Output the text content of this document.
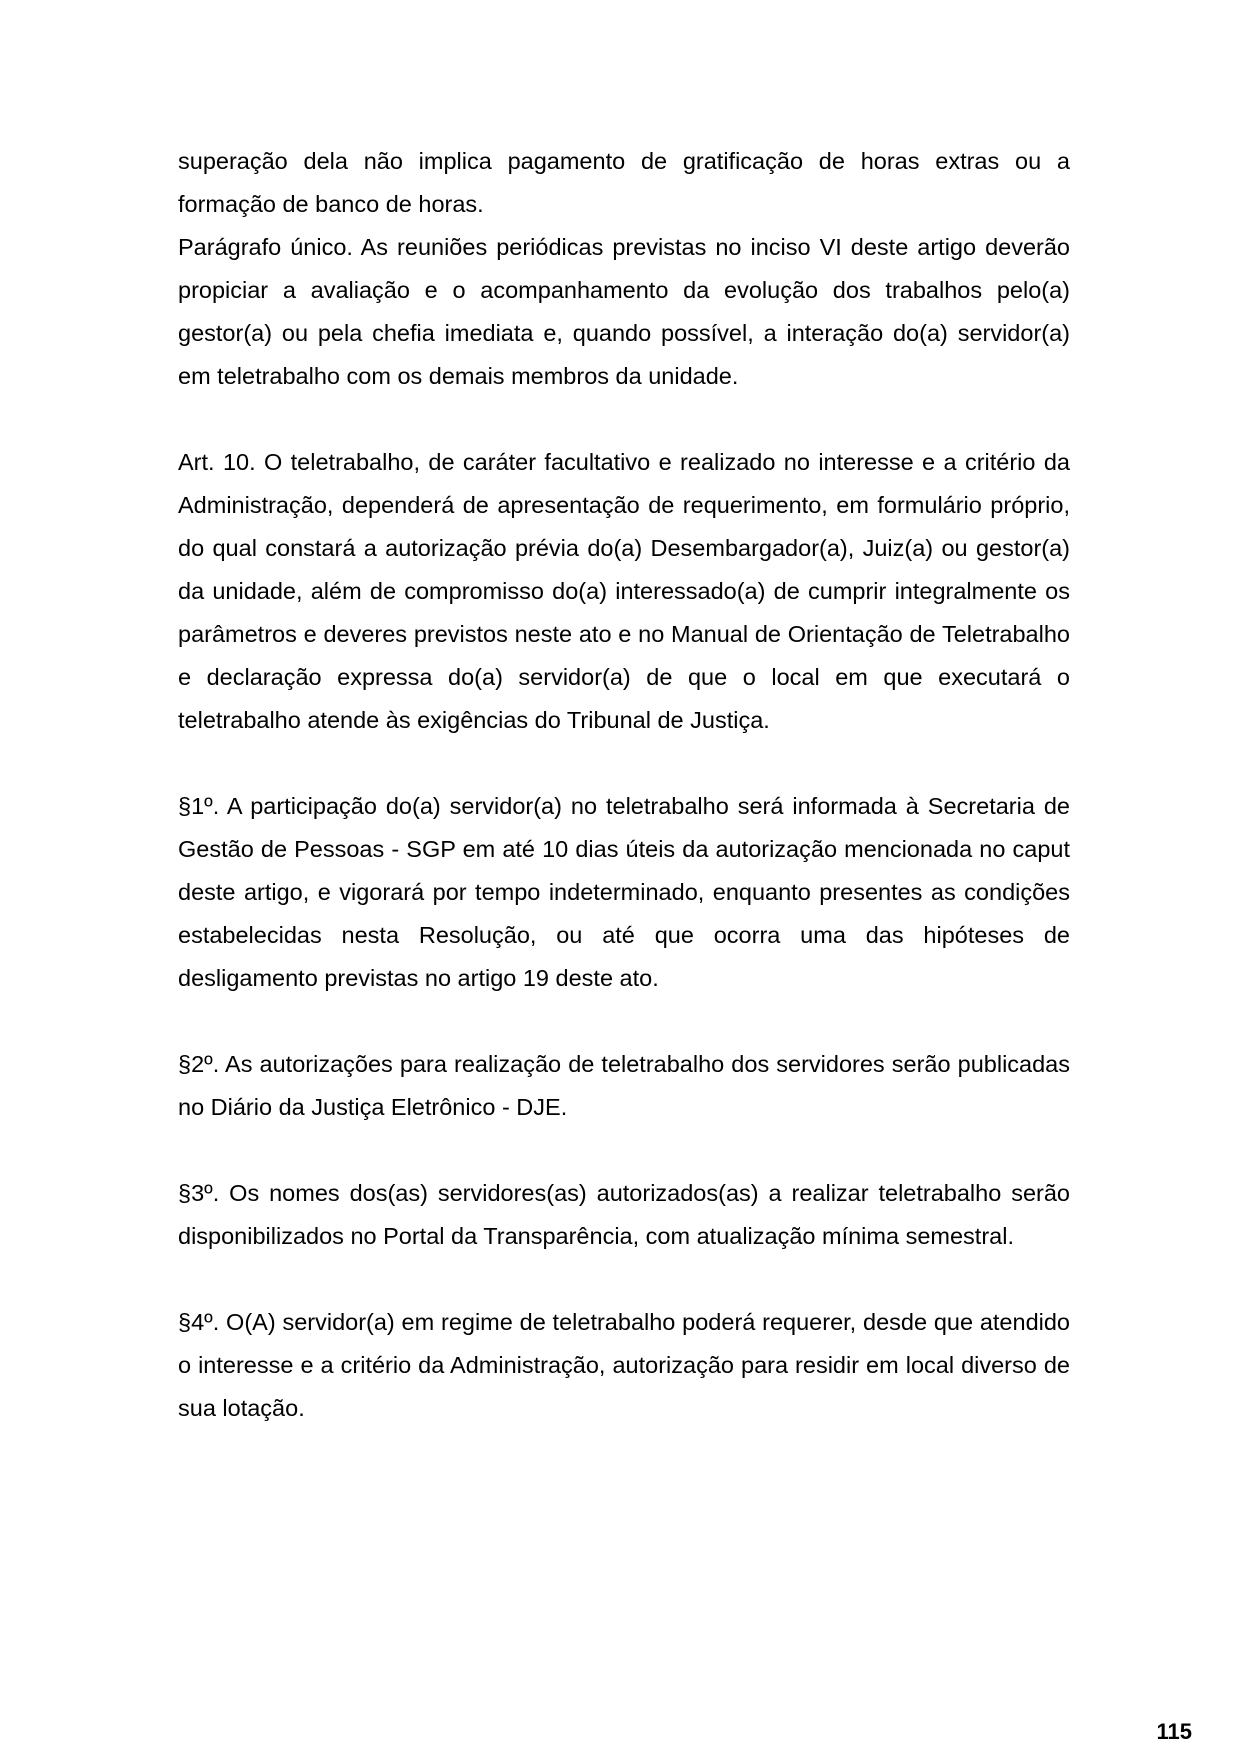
superação dela não implica pagamento de gratificação de horas extras ou a formação de banco de horas.

Parágrafo único. As reuniões periódicas previstas no inciso VI deste artigo deverão propiciar a avaliação e o acompanhamento da evolução dos trabalhos pelo(a) gestor(a) ou pela chefia imediata e, quando possível, a interação do(a) servidor(a) em teletrabalho com os demais membros da unidade.

Art. 10. O teletrabalho, de caráter facultativo e realizado no interesse e a critério da Administração, dependerá de apresentação de requerimento, em formulário próprio, do qual constará a autorização prévia do(a) Desembargador(a), Juiz(a) ou gestor(a) da unidade, além de compromisso do(a) interessado(a) de cumprir integralmente os parâmetros e deveres previstos neste ato e no Manual de Orientação de Teletrabalho e declaração expressa do(a) servidor(a) de que o local em que executará o teletrabalho atende às exigências do Tribunal de Justiça.

§1º. A participação do(a) servidor(a) no teletrabalho será informada à Secretaria de Gestão de Pessoas - SGP em até 10 dias úteis da autorização mencionada no caput deste artigo, e vigorará por tempo indeterminado, enquanto presentes as condições estabelecidas nesta Resolução, ou até que ocorra uma das hipóteses de desligamento previstas no artigo 19 deste ato.

§2º. As autorizações para realização de teletrabalho dos servidores serão publicadas no Diário da Justiça Eletrônico - DJE.

§3º. Os nomes dos(as) servidores(as) autorizados(as) a realizar teletrabalho serão disponibilizados no Portal da Transparência, com atualização mínima semestral.

§4º. O(A) servidor(a) em regime de teletrabalho poderá requerer, desde que atendido o interesse e a critério da Administração, autorização para residir em local diverso de sua lotação.

115
